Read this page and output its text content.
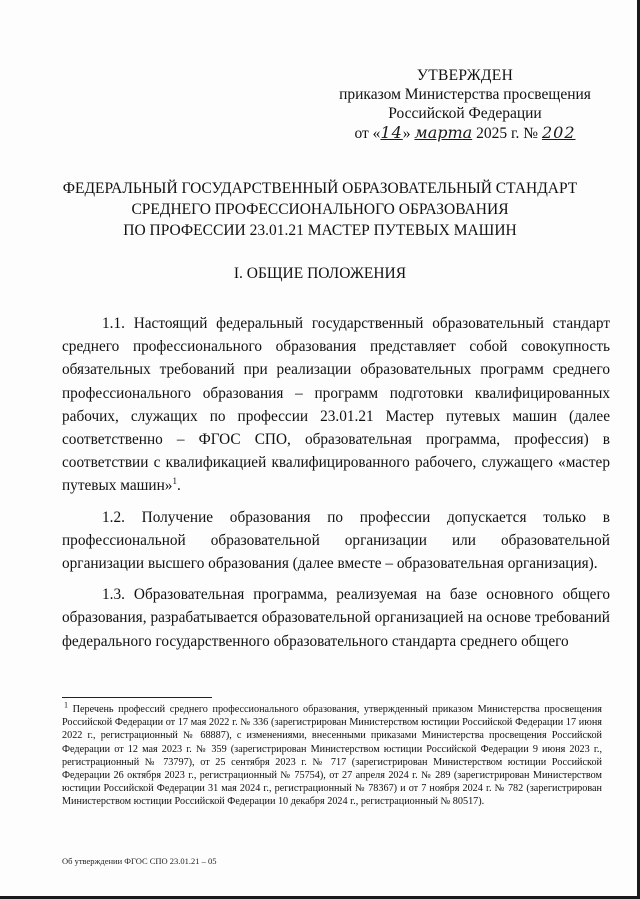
УТВЕРЖДЕН
приказом Министерства просвещения
Российской Федерации
от «14» марта 2025 г. № 202
ФЕДЕРАЛЬНЫЙ ГОСУДАРСТВЕННЫЙ ОБРАЗОВАТЕЛЬНЫЙ СТАНДАРТ
СРЕДНЕГО ПРОФЕССИОНАЛЬНОГО ОБРАЗОВАНИЯ
ПО ПРОФЕССИИ 23.01.21 МАСТЕР ПУТЕВЫХ МАШИН
I. ОБЩИЕ ПОЛОЖЕНИЯ

1.1. Настоящий федеральный государственный образовательный стандарт среднего профессионального образования представляет собой совокупность обязательных требований при реализации образовательных программ среднего профессионального образования – программ подготовки квалифицированных рабочих, служащих по профессии 23.01.21 Мастер путевых машин (далее соответственно – ФГОС СПО, образовательная программа, профессия) в соответствии с квалификацией квалифицированного рабочего, служащего «мастер путевых машин»$^1$.

1.2. Получение образования по профессии допускается только в профессиональной образовательной организации или образовательной организации высшего образования (далее вместе – образовательная организация).

1.3. Образовательная программа, реализуемая на базе основного общего образования, разрабатывается образовательной организацией на основе требований федерального государственного образовательного стандарта среднего общего

$^1$ Перечень профессий среднего профессионального образования, утвержденный приказом Министерства просвещения Российской Федерации от 17 мая 2022 г. № 336 (зарегистрирован Министерством юстиции Российской Федерации 17 июня 2022 г., регистрационный № 68887), с изменениями, внесенными приказами Министерства просвещения Российской Федерации от 12 мая 2023 г. № 359 (зарегистрирован Министерством юстиции Российской Федерации 9 июня 2023 г., регистрационный № 73797), от 25 сентября 2023 г. № 717 (зарегистрирован Министерством юстиции Российской Федерации 26 октября 2023 г., регистрационный № 75754), от 27 апреля 2024 г. № 289 (зарегистрирован Министерством юстиции Российской Федерации 31 мая 2024 г., регистрационный № 78367) и от 7 ноября 2024 г. № 782 (зарегистрирован Министерством юстиции Российской Федерации 10 декабря 2024 г., регистрационный № 80517).
Об утверждении ФГОС СПО 23.01.21 – 05
